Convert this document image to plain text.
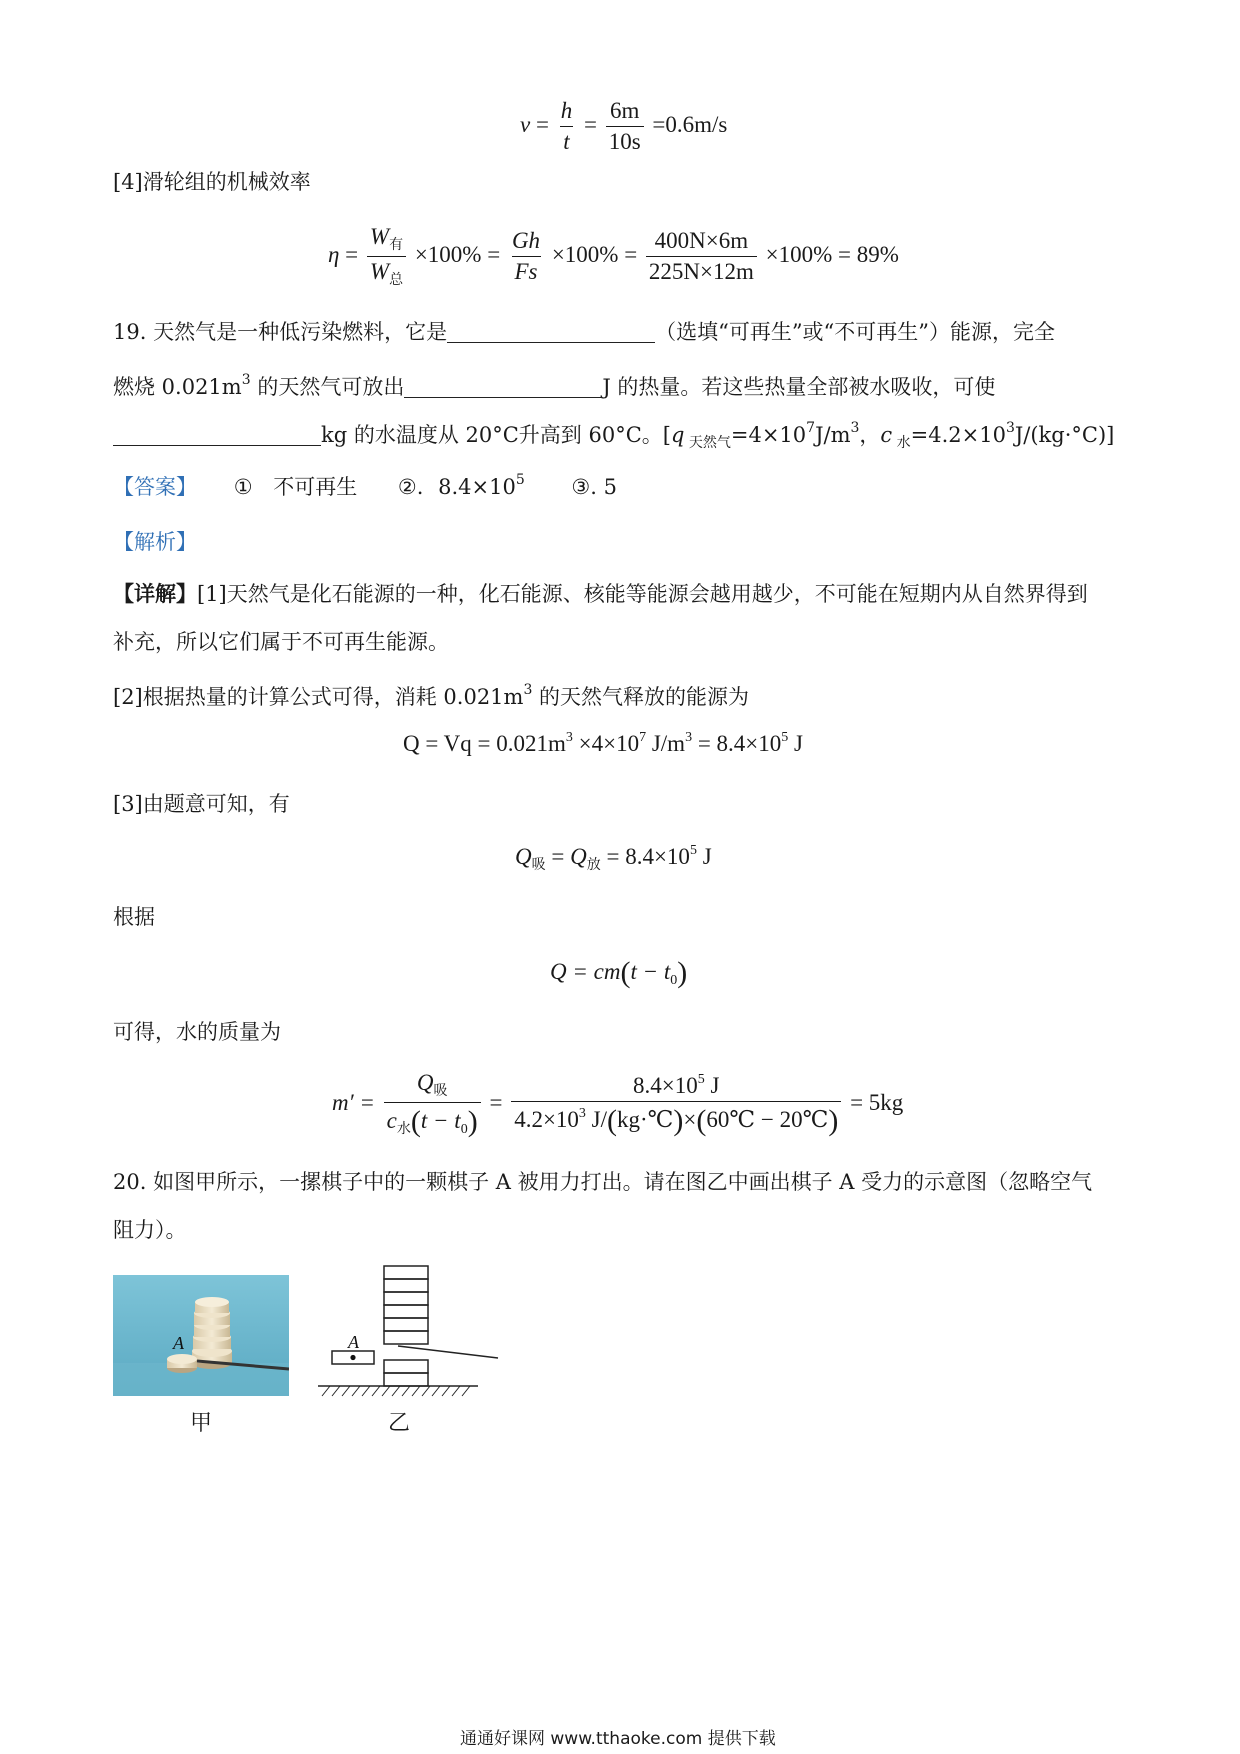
$v = \frac{h}{t} = \frac{6m}{10s} =0.6m/s$
[4]滑轮组的机械效率
$\eta = \frac{W_有}{W_总} \times 100\% = \frac{Gh}{Fs} \times 100\% = \frac{400N\times 6m}{225N\times 12m} \times 100\% = 89\%$
19. 天然气是一种低污染燃料，它是	（选填“可再生”或“不可再生”）能源，完全
燃烧 $0.021m^3$ 的天然气可放出	J 的热量。若这些热量全部被水吸收，可使
kg 的水温度从 20°C升高到 60°C。[q $_{天然气}=4\times 10^7J/m^3$，c $_水=4.2\times 10^3J/(kg\cdot^\circ C)$]
【答案】 ① 不可再生 ②. $8.4\times 10^5$ ③. 5
【解析】
【详解】[1]天然气是化石能源的一种，化石能源、核能等能源会越用越少，不可能在短期内从自然界得到
补充，所以它们属于不可再生能源。
[2]根据热量的计算公式可得，消耗 $0.021m^3$ 的天然气释放的能源为
$Q = Vq = 0.021m^3 \times 4\times 10^7$ $J/m^3 = 8.4\times 10^5$ J
[3]由题意可知，有
$Q_吸 = Q_放 = 8.4\times 10^5$ J
根据
$Q = cm(t - t_0)$
可得，水的质量为
$m' = \frac{Q_吸}{c_水(t - t_0)} = \frac{8.4\times 10^5 J}{4.2\times 10^3 J/(kg\cdot℃)\times(60℃ - 20℃)} = 5kg$
20. 如图甲所示，一摞棋子中的一颗棋子 A 被用力打出。请在图乙中画出棋子 A 受力的示意图（忽略空气
阻力）。
A
甲
A
乙
通通好课网 www.tthaoke.com 提供下载
